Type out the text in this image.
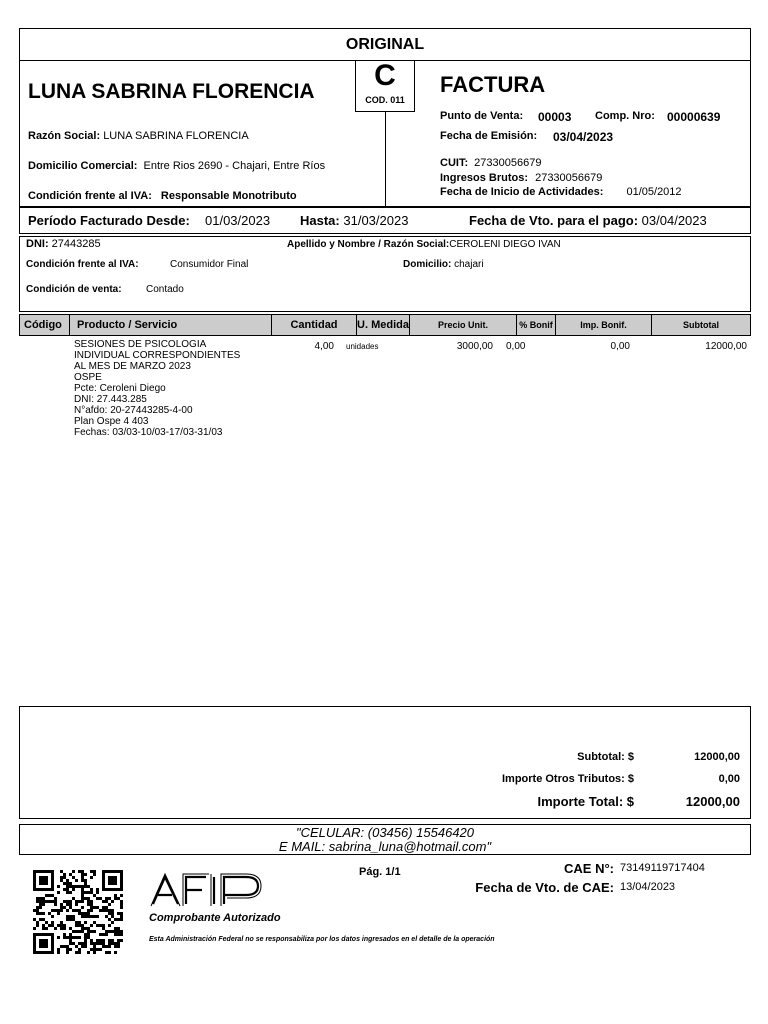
ORIGINAL
C
COD. 011
LUNA SABRINA FLORENCIA
Razón Social: LUNA SABRINA FLORENCIA
Domicilio Comercial: Entre Rios 2690 - Chajari, Entre Ríos
Condición frente al IVA: Responsable Monotributo
FACTURA
Punto de Venta: 00003 Comp. Nro: 00000639
Fecha de Emisión: 03/04/2023
CUIT: 27330056679
Ingresos Brutos: 27330056679
Fecha de Inicio de Actividades: 01/05/2012
Período Facturado Desde: 01/03/2023 Hasta: 31/03/2023	Fecha de Vto. para el pago: 03/04/2023
DNI: 27443285	Apellido y Nombre / Razón Social:CEROLENI DIEGO IVAN
Condición frente al IVA:	Consumidor Final	Domicilio: chajari
Condición de venta: Contado
Código	Producto / Servicio	Cantidad	U. Medida	Precio Unit.	% Bonif	Imp. Bonif.	Subtotal
SESIONES DE PSICOLOGIA
INDIVIDUAL CORRESPONDIENTES
AL MES DE MARZO 2023
OSPE
Pcte: Ceroleni Diego
DNI: 27.443.285
N°afdo: 20-27443285-4-00
Plan Ospe 4 403
Fechas: 03/03-10/03-17/03-31/03
4,00 unidades	3000,00 0,00	0,00	12000,00
Subtotal: $	12000,00
Importe Otros Tributos: $	0,00
Importe Total: $	12000,00
"CELULAR: (03456) 15546420
E MAIL: sabrina_luna@hotmail.com"
AFIP	Pág. 1/1	CAE N°: 73149119717404
Fecha de Vto. de CAE: 13/04/2023
Comprobante Autorizado
Esta Administración Federal no se responsabiliza por los datos ingresados en el detalle de la operación
